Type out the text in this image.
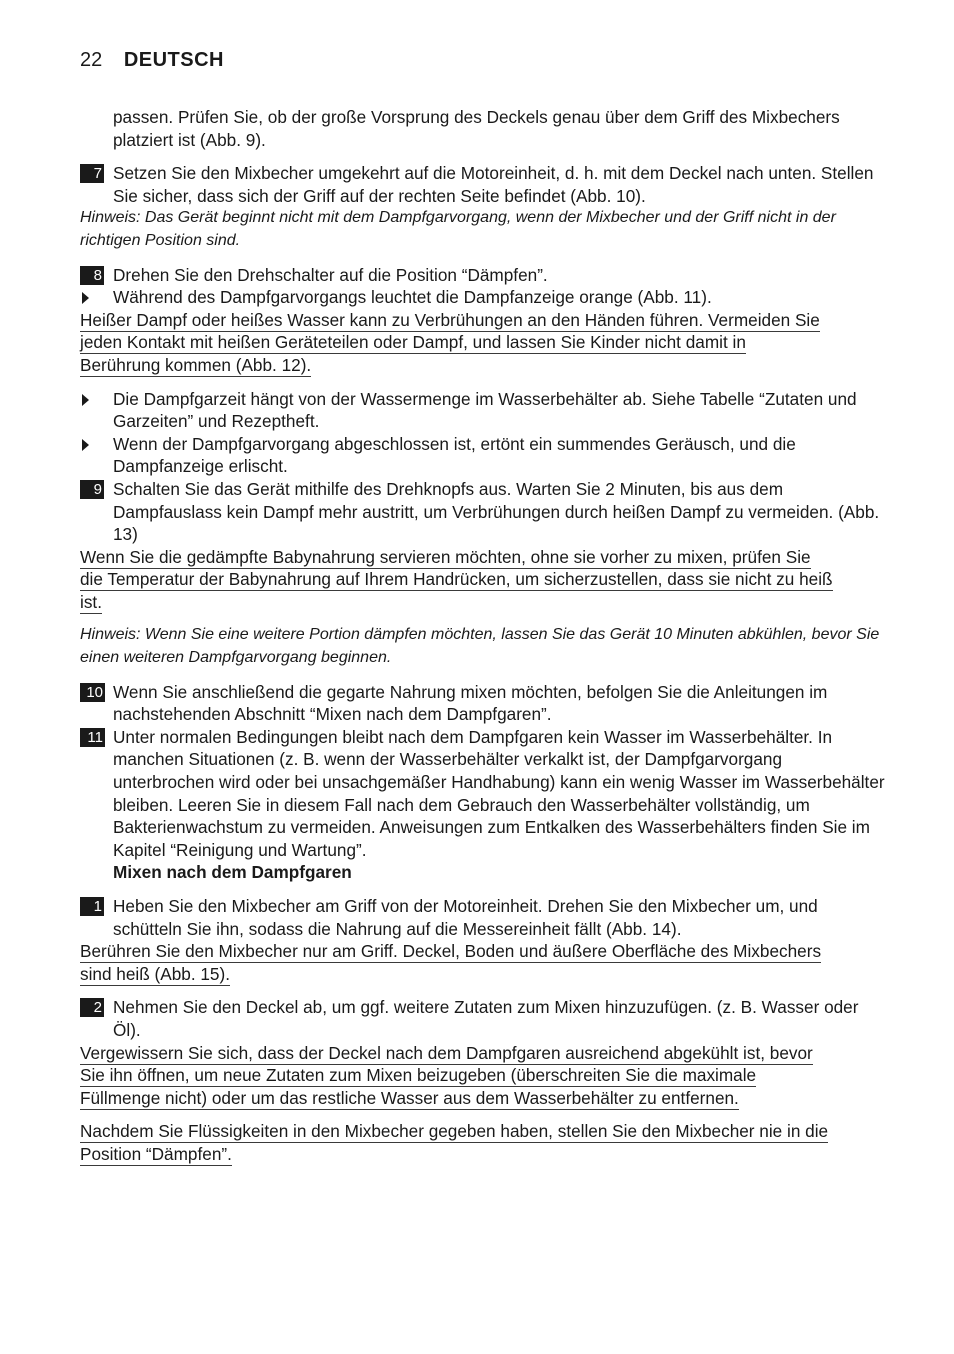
22 DEUTSCH

passen. Prüfen Sie, ob der große Vorsprung des Deckels genau über dem Griff des Mixbechers platziert ist (Abb. 9).

7 Setzen Sie den Mixbecher umgekehrt auf die Motoreinheit, d. h. mit dem Deckel nach unten. Stellen Sie sicher, dass sich der Griff auf der rechten Seite befindet (Abb. 10).

Hinweis: Das Gerät beginnt nicht mit dem Dampfgarvorgang, wenn der Mixbecher und der Griff nicht in der richtigen Position sind.

8 Drehen Sie den Drehschalter auf die Position “Dämpfen”.
Während des Dampfgarvorgangs leuchtet die Dampfanzeige orange (Abb. 11).
Heißer Dampf oder heißes Wasser kann zu Verbrühungen an den Händen führen. Vermeiden Sie
jeden Kontakt mit heißen Geräteteilen oder Dampf, und lassen Sie Kinder nicht damit in
Berührung kommen (Abb. 12).
Die Dampfgarzeit hängt von der Wassermenge im Wasserbehälter ab. Siehe Tabelle “Zutaten und Garzeiten” und Rezeptheft.
Wenn der Dampfgarvorgang abgeschlossen ist, ertönt ein summendes Geräusch, und die Dampfanzeige erlischt.
9 Schalten Sie das Gerät mithilfe des Drehknopfs aus. Warten Sie 2 Minuten, bis aus dem Dampfauslass kein Dampf mehr austritt, um Verbrühungen durch heißen Dampf zu vermeiden. (Abb. 13)
Wenn Sie die gedämpfte Babynahrung servieren möchten, ohne sie vorher zu mixen, prüfen Sie
die Temperatur der Babynahrung auf Ihrem Handrücken, um sicherzustellen, dass sie nicht zu heiß
ist.

Hinweis: Wenn Sie eine weitere Portion dämpfen möchten, lassen Sie das Gerät 10 Minuten abkühlen, bevor Sie einen weiteren Dampfgarvorgang beginnen.

10 Wenn Sie anschließend die gegarte Nahrung mixen möchten, befolgen Sie die Anleitungen im nachstehenden Abschnitt “Mixen nach dem Dampfgaren”.
11 Unter normalen Bedingungen bleibt nach dem Dampfgaren kein Wasser im Wasserbehälter. In manchen Situationen (z. B. wenn der Wasserbehälter verkalkt ist, der Dampfgarvorgang unterbrochen wird oder bei unsachgemäßer Handhabung) kann ein wenig Wasser im Wasserbehälter bleiben. Leeren Sie in diesem Fall nach dem Gebrauch den Wasserbehälter vollständig, um Bakterienwachstum zu vermeiden. Anweisungen zum Entkalken des Wasserbehälters finden Sie im Kapitel “Reinigung und Wartung”.

Mixen nach dem Dampfgaren

1 Heben Sie den Mixbecher am Griff von der Motoreinheit. Drehen Sie den Mixbecher um, und schütteln Sie ihn, sodass die Nahrung auf die Messereinheit fällt (Abb. 14).
Berühren Sie den Mixbecher nur am Griff. Deckel, Boden und äußere Oberfläche des Mixbechers
sind heiß (Abb. 15).
2 Nehmen Sie den Deckel ab, um ggf. weitere Zutaten zum Mixen hinzuzufügen. (z. B. Wasser oder Öl).
Vergewissern Sie sich, dass der Deckel nach dem Dampfgaren ausreichend abgekühlt ist, bevor
Sie ihn öffnen, um neue Zutaten zum Mixen beizugeben (überschreiten Sie die maximale
Füllmenge nicht) oder um das restliche Wasser aus dem Wasserbehälter zu entfernen.
Nachdem Sie Flüssigkeiten in den Mixbecher gegeben haben, stellen Sie den Mixbecher nie in die
Position “Dämpfen”.
